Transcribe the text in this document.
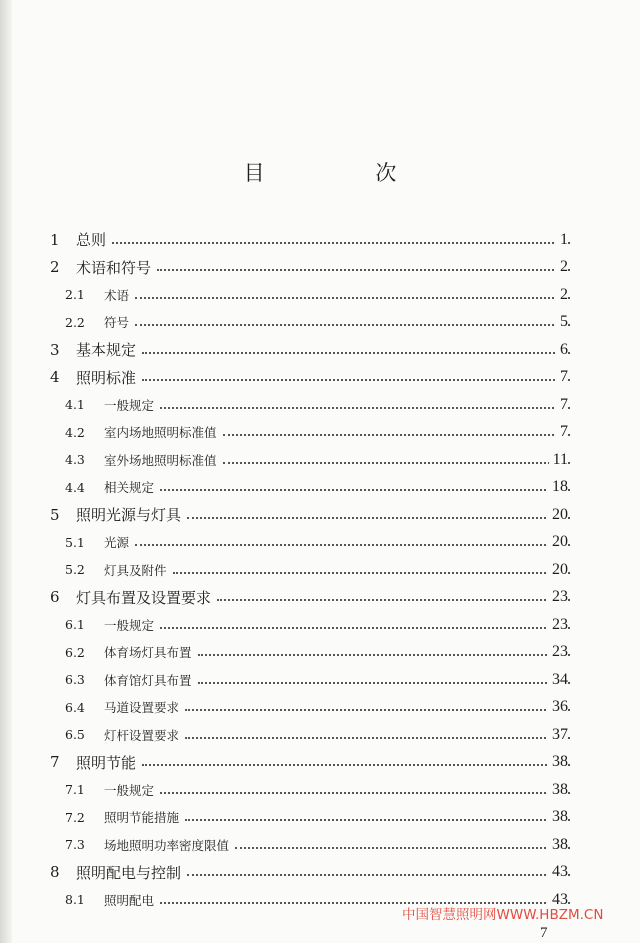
目 次
1 总则	1
2 术语和符号	2
2.1 术语	2
2.2 符号	5
3 基本规定	6
4 照明标准	7
4.1 一般规定	7
4.2 室内场地照明标准值	7
4.3 室外场地照明标准值	11
4.4 相关规定	18
5 照明光源与灯具	20
5.1 光源	20
5.2 灯具及附件	20
6 灯具布置及设置要求	23
6.1 一般规定	23
6.2 体育场灯具布置	23
6.3 体育馆灯具布置	34
6.4 马道设置要求	36
6.5 灯杆设置要求	37
7 照明节能	38
7.1 一般规定	38
7.2 照明节能措施	38
7.3 场地照明功率密度限值	38
8 照明配电与控制	43
8.1 照明配电	43
中国智慧照明网WWW.HBZM.CN
7
